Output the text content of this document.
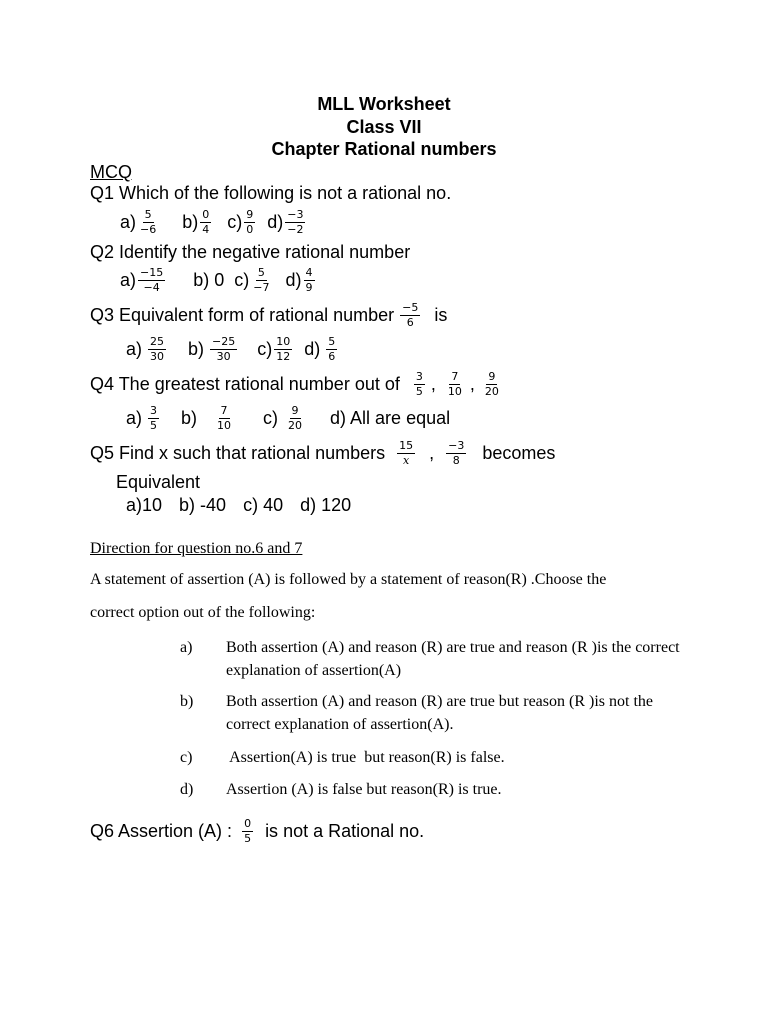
MLL Worksheet
Class VII
Chapter Rational numbers
MCQ
Q1 Which of the following is not a rational no.
$a) \frac{5}{-6} b) \frac{0}{4} c) \frac{9}{0} d) \frac{-3}{-2}$
Q2 Identify the negative rational number
$a) \frac{-15}{-4} b$) 0 $c) \frac{5}{-7} d) \frac{4}{9}$
Q3 Equivalent form of rational number $\frac{-5}{6}$ is
$a) \frac{25}{30} b) \frac{-25}{30} c) \frac{10}{12} d) \frac{5}{6}$
Q4 The greatest rational number out of $\frac{3}{5}$ , $\frac{7}{10}$ , $\frac{9}{20}$
$a) \frac{3}{5} b) \frac{7}{10} c) \frac{9}{20} d$) All are equal
Q5 Find x such that rational numbers $\frac{15}{x}$ , $\frac{-3}{8}$ becomes
Equivalent
a)10 b) -40 c) 40 d) 120
Direction for question no.6 and 7
A statement of assertion (A) is followed by a statement of reason(R) .Choose the
correct option out of the following:
a) Both assertion (A) and reason (R) are true and reason (R )is the correct explanation of assertion(A)
b) Both assertion (A) and reason (R) are true but reason (R )is not the correct explanation of assertion(A).
c) Assertion(A) is true  but reason(R) is false.
d) Assertion (A) is false but reason(R) is true.
Q6 Assertion (A) : $\frac{0}{5}$ is not a Rational no.
